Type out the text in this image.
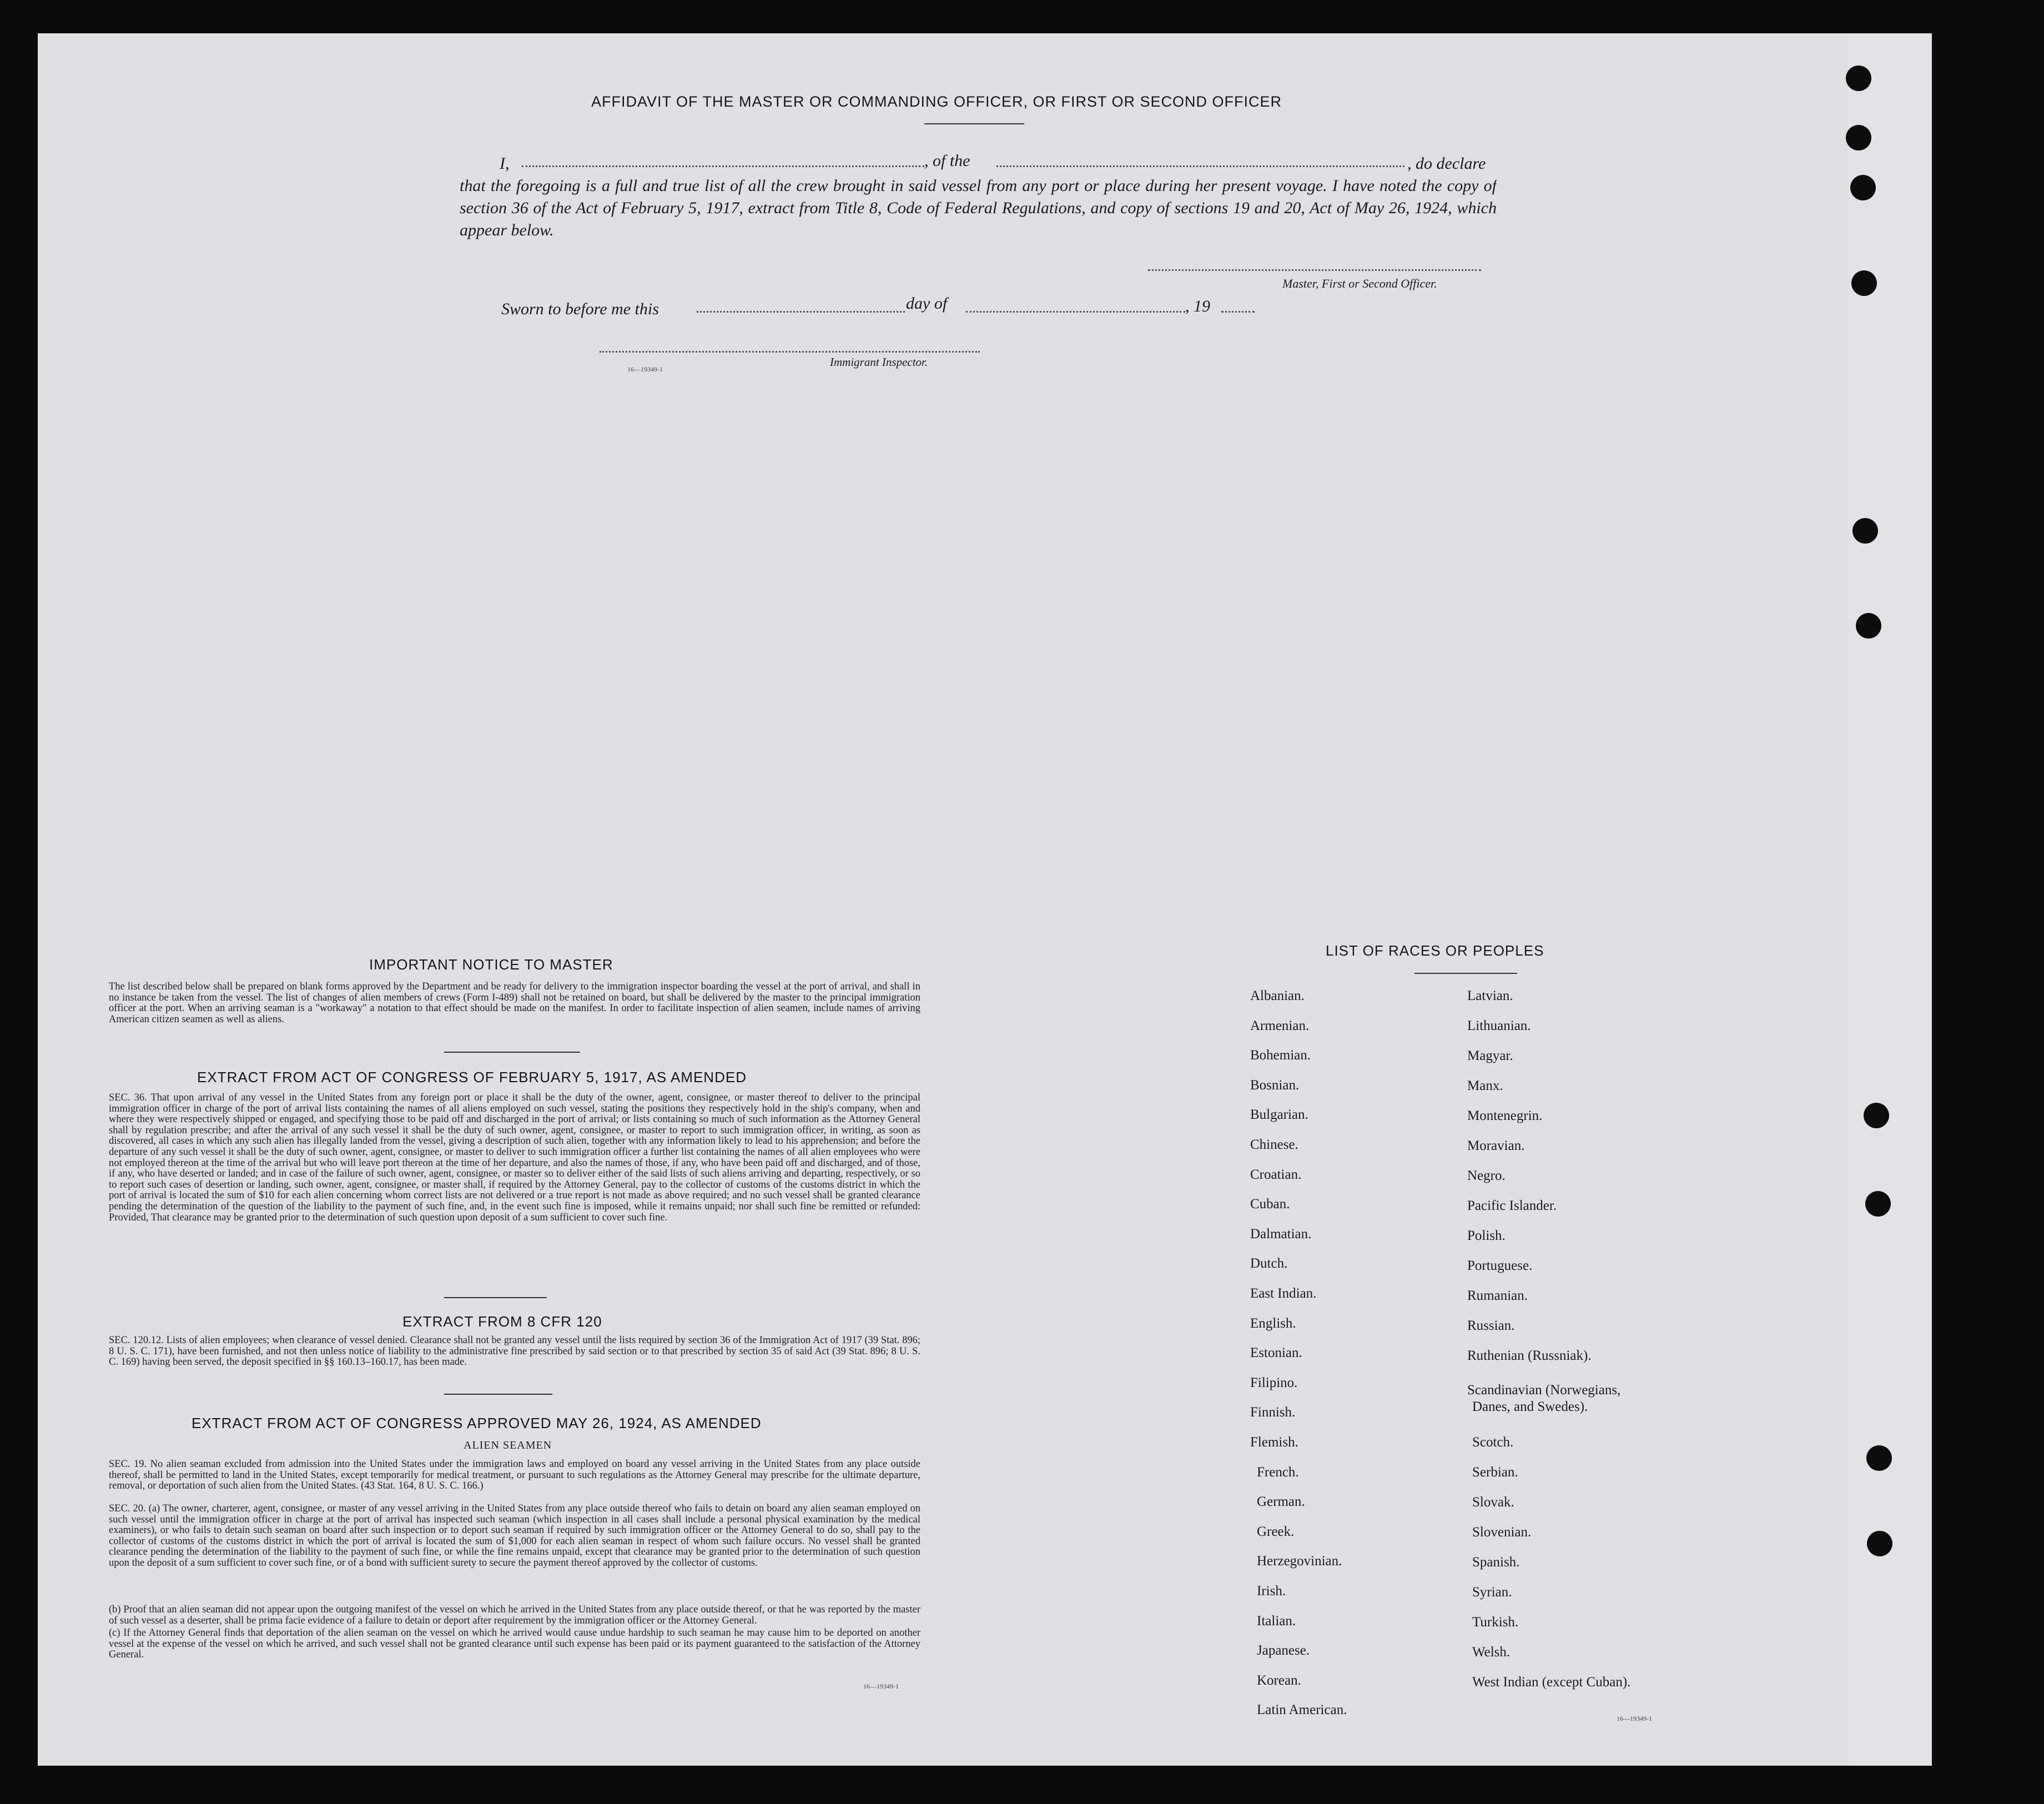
AFFIDAVIT OF THE MASTER OR COMMANDING OFFICER, OR FIRST OR SECOND OFFICER
I,	, of the	, do declare
that the foregoing is a full and true list of all the crew brought in said vessel from any port or place during her present voyage. I have noted the copy of section 36 of the Act of February 5, 1917, extract from Title 8, Code of Federal Regulations, and copy of sections 19 and 20, Act of May 26, 1924, which appear below.
Master, First or Second Officer.
Sworn to before me this	day of	, 19
16—19349-1
Immigrant Inspector.
IMPORTANT NOTICE TO MASTER
The list described below shall be prepared on blank forms approved by the Department and be ready for delivery to the immigration inspector boarding the vessel at the port of arrival, and shall in no instance be taken from the vessel. The list of changes of alien members of crews (Form I-489) shall not be retained on board, but shall be delivered by the master to the principal immigration officer at the port. When an arriving seaman is a "workaway" a notation to that effect should be made on the manifest. In order to facilitate inspection of alien seamen, include names of arriving American citizen seamen as well as aliens.
EXTRACT FROM ACT OF CONGRESS OF FEBRUARY 5, 1917, AS AMENDED
SEC. 36. That upon arrival of any vessel in the United States from any foreign port or place it shall be the duty of the owner, agent, consignee, or master thereof to deliver to the principal immigration officer in charge of the port of arrival lists containing the names of all aliens employed on such vessel, stating the positions they respectively hold in the ship's company, when and where they were respectively shipped or engaged, and specifying those to be paid off and discharged in the port of arrival; or lists containing so much of such information as the Attorney General shall by regulation prescribe; and after the arrival of any such vessel it shall be the duty of such owner, agent, consignee, or master to report to such immigration officer, in writing, as soon as discovered, all cases in which any such alien has illegally landed from the vessel, giving a description of such alien, together with any information likely to lead to his apprehension; and before the departure of any such vessel it shall be the duty of such owner, agent, consignee, or master to deliver to such immigration officer a further list containing the names of all alien employees who were not employed thereon at the time of the arrival but who will leave port thereon at the time of her departure, and also the names of those, if any, who have been paid off and discharged, and of those, if any, who have deserted or landed; and in case of the failure of such owner, agent, consignee, or master so to deliver either of the said lists of such aliens arriving and departing, respectively, or so to report such cases of desertion or landing, such owner, agent, consignee, or master shall, if required by the Attorney General, pay to the collector of customs of the customs district in which the port of arrival is located the sum of $10 for each alien concerning whom correct lists are not delivered or a true report is not made as above required; and no such vessel shall be granted clearance pending the determination of the question of the liability to the payment of such fine, and, in the event such fine is imposed, while it remains unpaid; nor shall such fine be remitted or refunded: Provided, That clearance may be granted prior to the determination of such question upon deposit of a sum sufficient to cover such fine.
EXTRACT FROM 8 CFR 120
SEC. 120.12. Lists of alien employees; when clearance of vessel denied. Clearance shall not be granted any vessel until the lists required by section 36 of the Immigration Act of 1917 (39 Stat. 896; 8 U. S. C. 171), have been furnished, and not then unless notice of liability to the administrative fine prescribed by said section or to that prescribed by section 35 of said Act (39 Stat. 896; 8 U. S. C. 169) having been served, the deposit specified in §§ 160.13–160.17, has been made.
EXTRACT FROM ACT OF CONGRESS APPROVED MAY 26, 1924, AS AMENDED
ALIEN SEAMEN
SEC. 19. No alien seaman excluded from admission into the United States under the immigration laws and employed on board any vessel arriving in the United States from any place outside thereof, shall be permitted to land in the United States, except temporarily for medical treatment, or pursuant to such regulations as the Attorney General may prescribe for the ultimate departure, removal, or deportation of such alien from the United States. (43 Stat. 164, 8 U. S. C. 166.)
SEC. 20. (a) The owner, charterer, agent, consignee, or master of any vessel arriving in the United States from any place outside thereof who fails to detain on board any alien seaman employed on such vessel until the immigration officer in charge at the port of arrival has inspected such seaman (which inspection in all cases shall include a personal physical examination by the medical examiners), or who fails to detain such seaman on board after such inspection or to deport such seaman if required by such immigration officer or the Attorney General to do so, shall pay to the collector of customs of the customs district in which the port of arrival is located the sum of $1,000 for each alien seaman in respect of whom such failure occurs. No vessel shall be granted clearance pending the determination of the liability to the payment of such fine, or while the fine remains unpaid, except that clearance may be granted prior to the determination of such question upon the deposit of a sum sufficient to cover such fine, or of a bond with sufficient surety to secure the payment thereof approved by the collector of customs.
(b) Proof that an alien seaman did not appear upon the outgoing manifest of the vessel on which he arrived in the United States from any place outside thereof, or that he was reported by the master of such vessel as a deserter, shall be prima facie evidence of a failure to detain or deport after requirement by the immigration officer or the Attorney General.
(c) If the Attorney General finds that deportation of the alien seaman on the vessel on which he arrived would cause undue hardship to such seaman he may cause him to be deported on another vessel at the expense of the vessel on which he arrived, and such vessel shall not be granted clearance until such expense has been paid or its payment guaranteed to the satisfaction of the Attorney General.
16—19349-1
LIST OF RACES OR PEOPLES
Albanian.
Armenian.
Bohemian.
Bosnian.
Bulgarian.
Chinese.
Croatian.
Cuban.
Dalmatian.
Dutch.
East Indian.
English.
Estonian.
Filipino.
Finnish.
Flemish.
French.
German.
Greek.
Herzegovinian.
Irish.
Italian.
Japanese.
Korean.
Latin American.
Latvian.
Lithuanian.
Magyar.
Manx.
Montenegrin.
Moravian.
Negro.
Pacific Islander.
Polish.
Portuguese.
Rumanian.
Russian.
Ruthenian (Russniak).
Scandinavian (Norwegians,
Danes, and Swedes).
Scotch.
Serbian.
Slovak.
Slovenian.
Spanish.
Syrian.
Turkish.
Welsh.
West Indian (except Cuban).
16—19349-1
